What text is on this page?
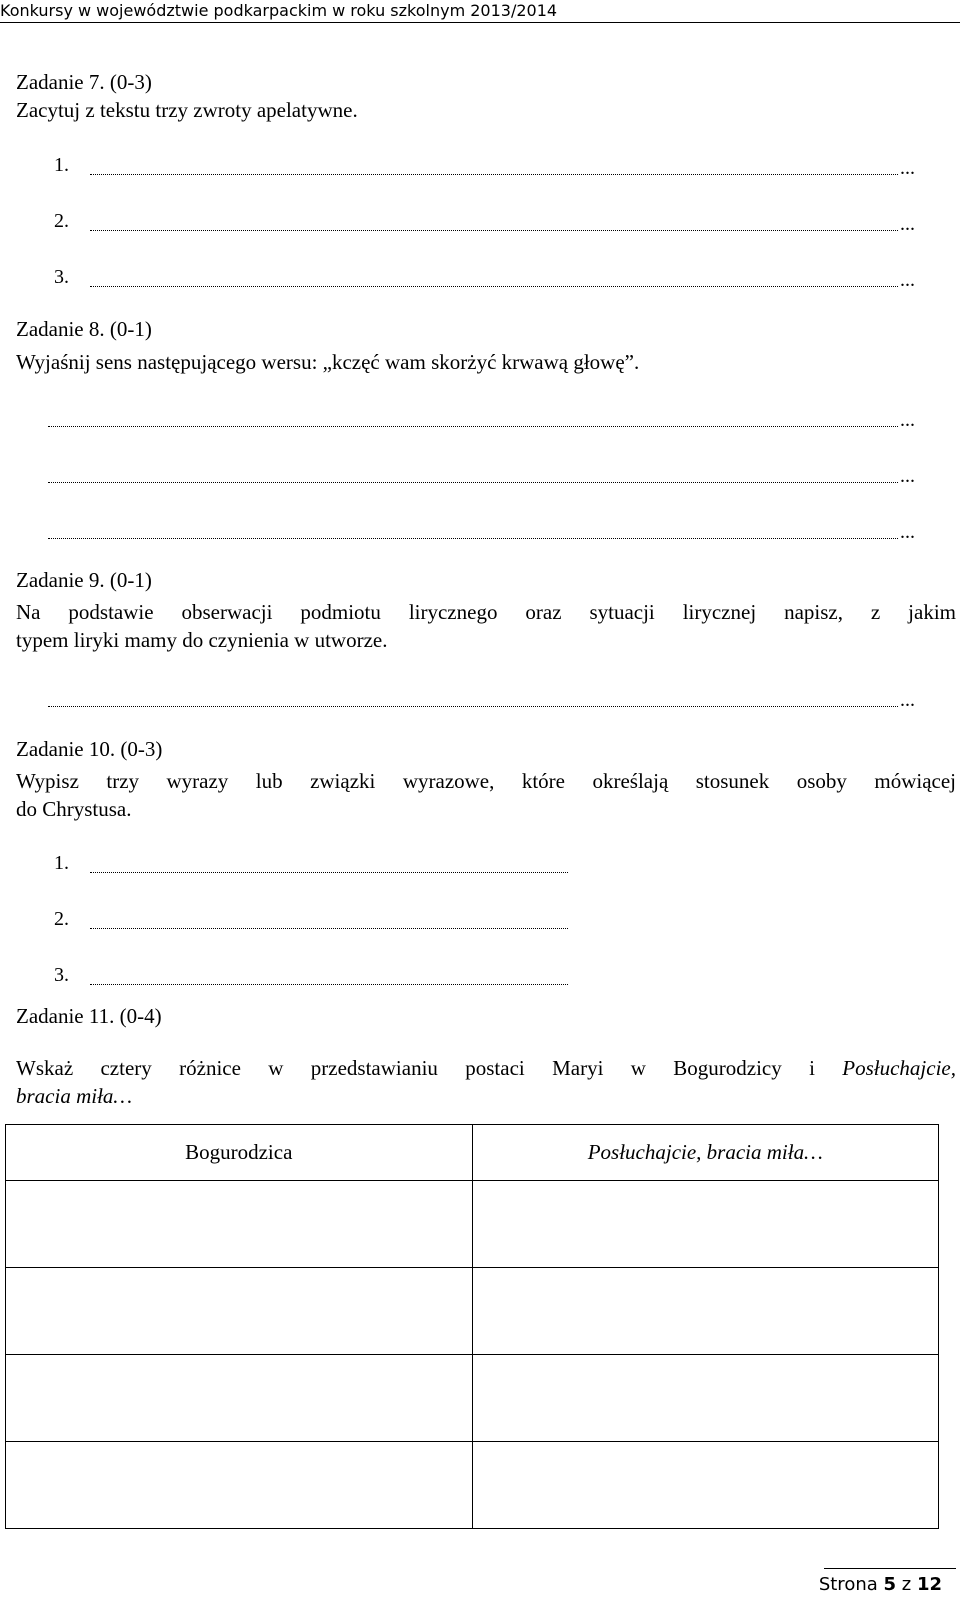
Konkursy w województwie podkarpackim w roku szkolnym 2013/2014
Zadanie 7. (0-3)
Zacytuj z tekstu trzy zwroty apelatywne.
1.	...
2.	...
3.	...
Zadanie 8. (0-1)
Wyjaśnij sens następującego wersu: „kczęć wam skorżyć krwawą głowę”.
...
...
...
Zadanie 9. (0-1)
Na podstawie obserwacji podmiotu lirycznego oraz sytuacji lirycznej napisz, z jakim
typem liryki mamy do czynienia w utworze.
...
Zadanie 10. (0-3)
Wypisz trzy wyrazy lub związki wyrazowe, które określają stosunek osoby mówiącej
do Chrystusa.
1.
2.
3.
Zadanie 11. (0-4)
Wskaż cztery różnice w przedstawianiu postaci Maryi w Bogurodzicy i Posłuchajcie,
bracia miła…
Bogurodzica	Posłuchajcie, bracia miła…

Strona 5 z 12
